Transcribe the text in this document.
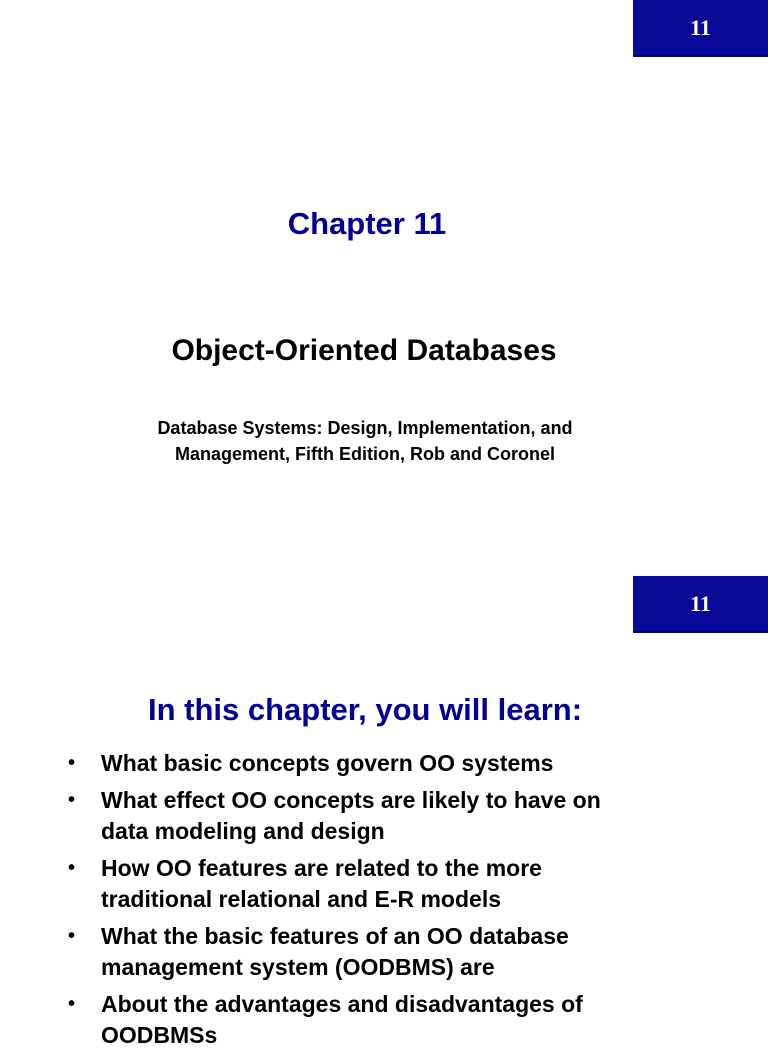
11
Chapter 11
Object-Oriented Databases
Database Systems: Design, Implementation, and
Management, Fifth Edition, Rob and Coronel
11
In this chapter, you will learn:
• What basic concepts govern OO systems
• What effect OO concepts are likely to have on
data modeling and design
• How OO features are related to the more
traditional relational and E-R models
• What the basic features of an OO database
management system (OODBMS) are
• About the advantages and disadvantages of
OODBMSs
